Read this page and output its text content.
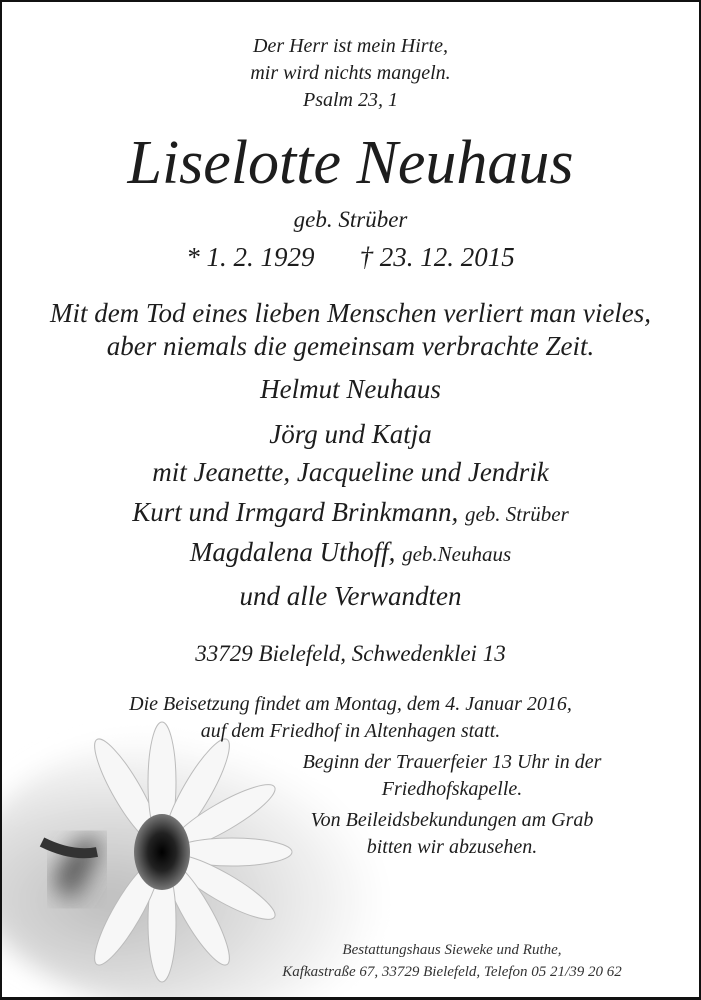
Der Herr ist mein Hirte,
mir wird nichts mangeln.
Psalm 23, 1
Liselotte Neuhaus
geb. Strüber
* 1. 2. 1929 † 23. 12. 2015
Mit dem Tod eines lieben Menschen verliert man vieles,
aber niemals die gemeinsam verbrachte Zeit.
Helmut Neuhaus
Jörg und Katja
mit Jeanette, Jacqueline und Jendrik
Kurt und Irmgard Brinkmann, geb. Strüber
Magdalena Uthoff, geb.Neuhaus
und alle Verwandten
33729 Bielefeld, Schwedenklei 13
Die Beisetzung findet am Montag, dem 4. Januar 2016,
auf dem Friedhof in Altenhagen statt.
Beginn der Trauerfeier 13 Uhr in der
Friedhofskapelle.
Von Beileidsbekundungen am Grab
bitten wir abzusehen.
Bestattungshaus Sieweke und Ruthe,
Kafkastraße 67, 33729 Bielefeld, Telefon 05 21/39 20 62
